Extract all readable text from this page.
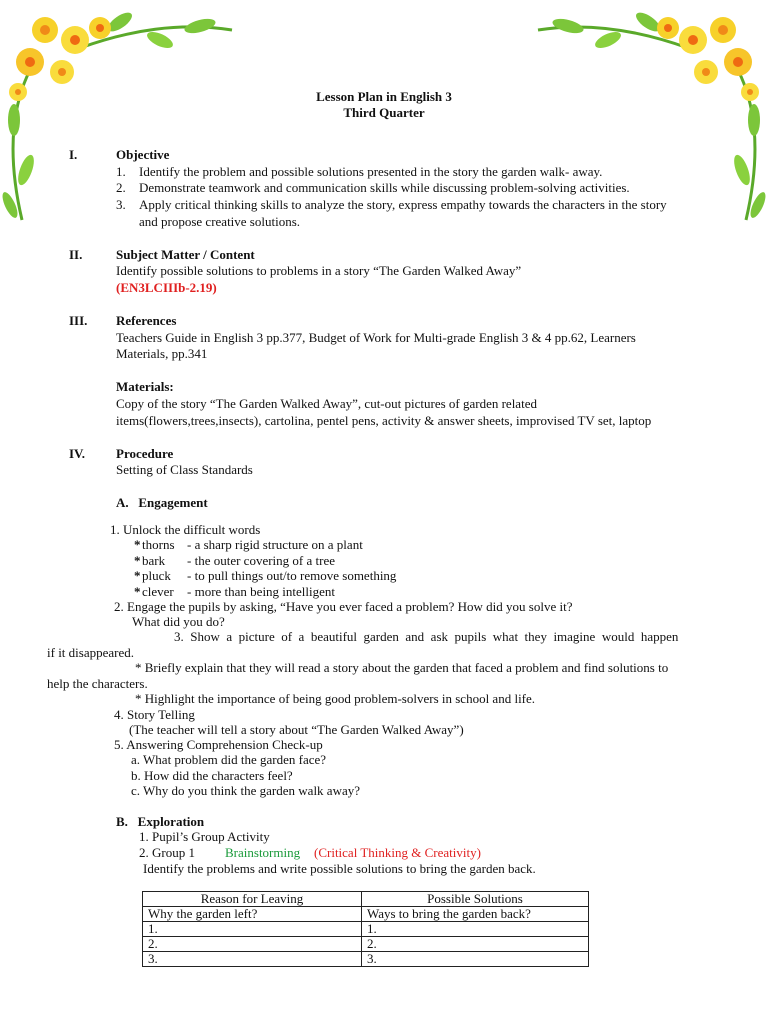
Lesson Plan in English 3
Third Quarter
I.	Objective
1. Identify the problem and possible solutions presented in the story the garden walk- away.
2. Demonstrate teamwork and communication skills while discussing problem-solving activities.
3. Apply critical thinking skills to analyze the story, express empathy towards the characters in the story
and propose creative solutions.
II.	Subject Matter / Content
Identify possible solutions to problems in a story “The Garden Walked Away”
(EN3LCIIIb-2.19)
III. References
Teachers Guide in English 3 pp.377, Budget of Work for Multi-grade English 3 & 4 pp.62, Learners
Materials, pp.341
Materials:
Copy of the story “The Garden Walked Away”, cut-out pictures of garden related
items(flowers,trees,insects), cartolina, pentel pens, activity & answer sheets, improvised TV set, laptop
IV. Procedure
Setting of Class Standards
A.   Engagement
1. Unlock the difficult words
* thorns - a sharp rigid structure on a plant
* bark - the outer covering of a tree
* pluck - to pull things out/to remove something
* clever - more than being intelligent
2. Engage the pupils by asking, “Have you ever faced a problem? How did you solve it?
What did you do?
3.  Show  a  picture  of  a  beautiful  garden  and  ask  pupils  what  they  imagine  would  happen
if it disappeared.
* Briefly explain that they will read a story about the garden that faced a problem and find solutions to
help the characters.
* Highlight the importance of being good problem-solvers in school and life.
4. Story Telling
(The teacher will tell a story about “The Garden Walked Away”)
5. Answering Comprehension Check-up
a. What problem did the garden face?
b. How did the characters feel?
c. Why do you think the garden walk away?
B.   Exploration
1. Pupil’s Group Activity
2. Group 1 Brainstorming (Critical Thinking & Creativity)
Identify the problems and write possible solutions to bring the garden back.
Reason for Leaving	Possible Solutions
Why the garden left?	Ways to bring the garden back?
1.	1.
2.	2.
3.	3.
